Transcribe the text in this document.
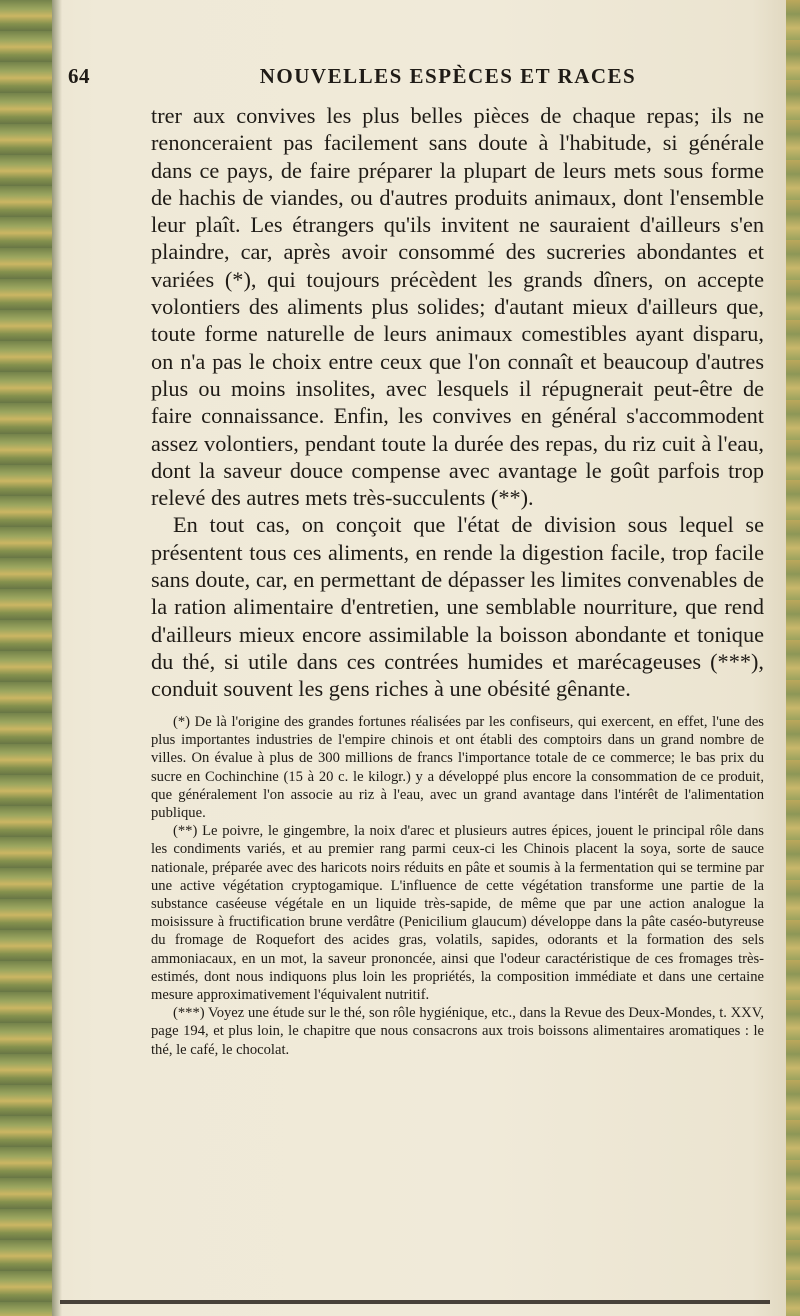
64	NOUVELLES ESPÈCES ET RACES

trer aux convives les plus belles pièces de chaque repas; ils ne renonceraient pas facilement sans doute à l'habitude, si générale dans ce pays, de faire préparer la plupart de leurs mets sous forme de hachis de viandes, ou d'autres produits animaux, dont l'ensemble leur plaît. Les étrangers qu'ils invitent ne sauraient d'ailleurs s'en plaindre, car, après avoir consommé des sucreries abondantes et variées (*), qui toujours précèdent les grands dîners, on accepte volontiers des aliments plus solides; d'autant mieux d'ailleurs que, toute forme naturelle de leurs animaux comestibles ayant disparu, on n'a pas le choix entre ceux que l'on connaît et beaucoup d'autres plus ou moins insolites, avec lesquels il répugnerait peut-être de faire connaissance. Enfin, les convives en général s'accommodent assez volontiers, pendant toute la durée des repas, du riz cuit à l'eau, dont la saveur douce compense avec avantage le goût parfois trop relevé des autres mets très-succulents (**).

En tout cas, on conçoit que l'état de division sous lequel se présentent tous ces aliments, en rende la digestion facile, trop facile sans doute, car, en permettant de dépasser les limites convenables de la ration alimentaire d'entretien, une semblable nourriture, que rend d'ailleurs mieux encore assimilable la boisson abondante et tonique du thé, si utile dans ces contrées humides et marécageuses (***), conduit souvent les gens riches à une obésité gênante.

(*) De là l'origine des grandes fortunes réalisées par les confiseurs, qui exercent, en effet, l'une des plus importantes industries de l'empire chinois et ont établi des comptoirs dans un grand nombre de villes. On évalue à plus de 300 millions de francs l'importance totale de ce commerce; le bas prix du sucre en Cochinchine (15 à 20 c. le kilogr.) y a développé plus encore la consommation de ce produit, que généralement l'on associe au riz à l'eau, avec un grand avantage dans l'intérêt de l'alimentation publique.

(**) Le poivre, le gingembre, la noix d'arec et plusieurs autres épices, jouent le principal rôle dans les condiments variés, et au premier rang parmi ceux-ci les Chinois placent la soya, sorte de sauce nationale, préparée avec des haricots noirs réduits en pâte et soumis à la fermentation qui se termine par une active végétation cryptogamique. L'influence de cette végétation transforme une partie de la substance caséeuse végétale en un liquide très-sapide, de même que par une action analogue la moisissure à fructification brune verdâtre (Penicilium glaucum) développe dans la pâte caséo-butyreuse du fromage de Roquefort des acides gras, volatils, sapides, odorants et la formation des sels ammoniacaux, en un mot, la saveur prononcée, ainsi que l'odeur caractéristique de ces fromages très-estimés, dont nous indiquons plus loin les propriétés, la composition immédiate et dans une certaine mesure approximativement l'équivalent nutritif.

(***) Voyez une étude sur le thé, son rôle hygiénique, etc., dans la Revue des Deux-Mondes, t. XXV, page 194, et plus loin, le chapitre que nous consacrons aux trois boissons alimentaires aromatiques : le thé, le café, le chocolat.
